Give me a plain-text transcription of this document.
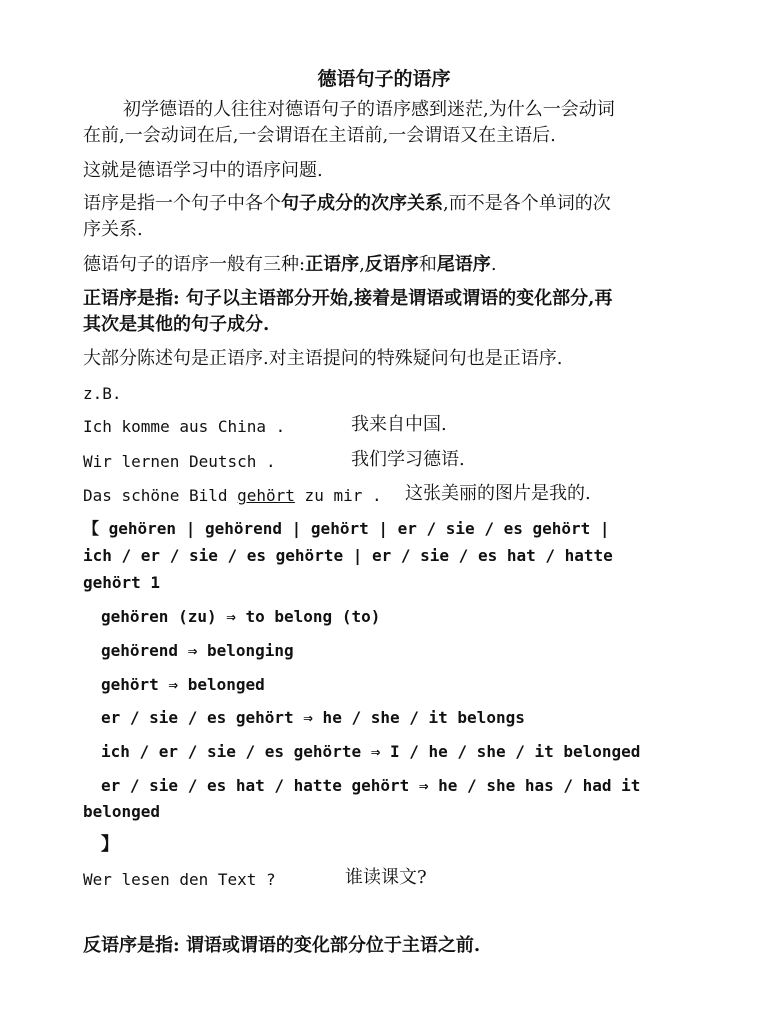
德语句子的语序
初学德语的人往往对德语句子的语序感到迷茫,为什么一会动词
在前,一会动词在后,一会谓语在主语前,一会谓语又在主语后.
这就是德语学习中的语序问题.
语序是指一个句子中各个句子成分的次序关系,而不是各个单词的次
序关系.
德语句子的语序一般有三种:正语序,反语序和尾语序.
正语序是指: 句子以主语部分开始,接着是谓语或谓语的变化部分,再
其次是其他的句子成分.
大部分陈述句是正语序.对主语提问的特殊疑问句也是正语序.
z.B.
Ich komme aus China .	我来自中国.
Wir lernen Deutsch .	我们学习德语.
Das schöne Bild gehört zu mir . 这张美丽的图片是我的.
【 gehören | gehörend | gehört | er / sie / es gehört |
ich / er / sie / es gehörte | er / sie / es hat / hatte
gehört 1
gehören (zu) ⇒ to belong (to)
gehörend ⇒ belonging
gehört ⇒ belonged
er / sie / es gehört ⇒ he / she / it belongs
ich / er / sie / es gehörte ⇒ I / he / she / it belonged
er / sie / es hat / hatte gehört ⇒ he / she has / had it
belonged
】
Wer lesen den Text ?	谁读课文?
反语序是指: 谓语或谓语的变化部分位于主语之前.
